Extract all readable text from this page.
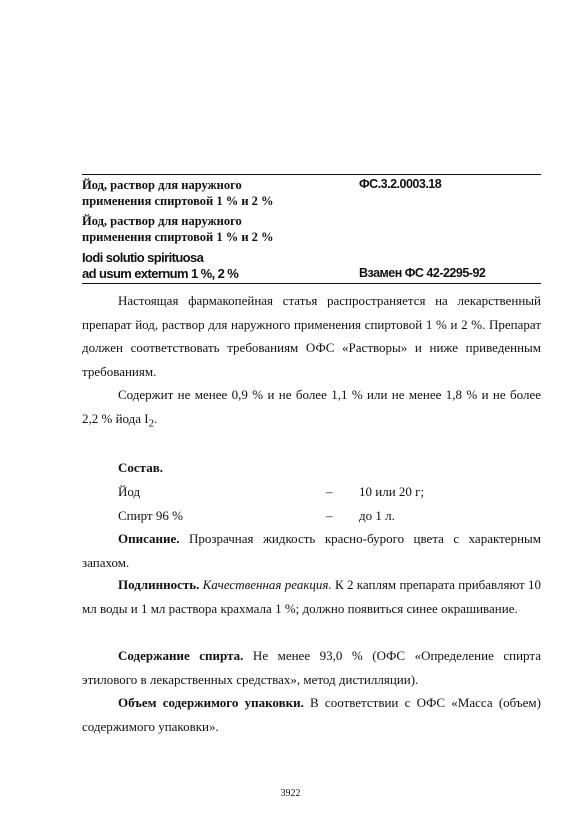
Йод, раствор для наружного
применения спиртовой 1 % и 2 %
ФС.3.2.0003.18
Йод, раствор для наружного
применения спиртовой 1 % и 2 %
Iodi solutio spirituosa
ad usum externum 1 %, 2 %	Взамен ФС 42-2295-92
Настоящая фармакопейная статья распространяется на лекарственный препарат йод, раствор для наружного применения спиртовой 1 % и 2 %. Препарат должен соответствовать требованиям ОФС «Растворы» и ниже приведенным требованиям.
Содержит не менее 0,9 % и не более 1,1 % или не менее 1,8 % и не более 2,2 % йода $I_2$.
Состав.
Йод	– 10 или 20 г;
Спирт 96 %	– до 1 л.
Описание. Прозрачная жидкость красно-бурого цвета с характерным запахом.
Подлинность. Качественная реакция. К 2 каплям препарата прибавляют 10 мл воды и 1 мл раствора крахмала 1 %; должно появиться синее окрашивание.
Содержание спирта. Не менее 93,0 % (ОФС «Определение спирта этилового в лекарственных средствах», метод дистилляции).
Объем содержимого упаковки. В соответствии с ОФС «Масса (объем) содержимого упаковки».
3922
